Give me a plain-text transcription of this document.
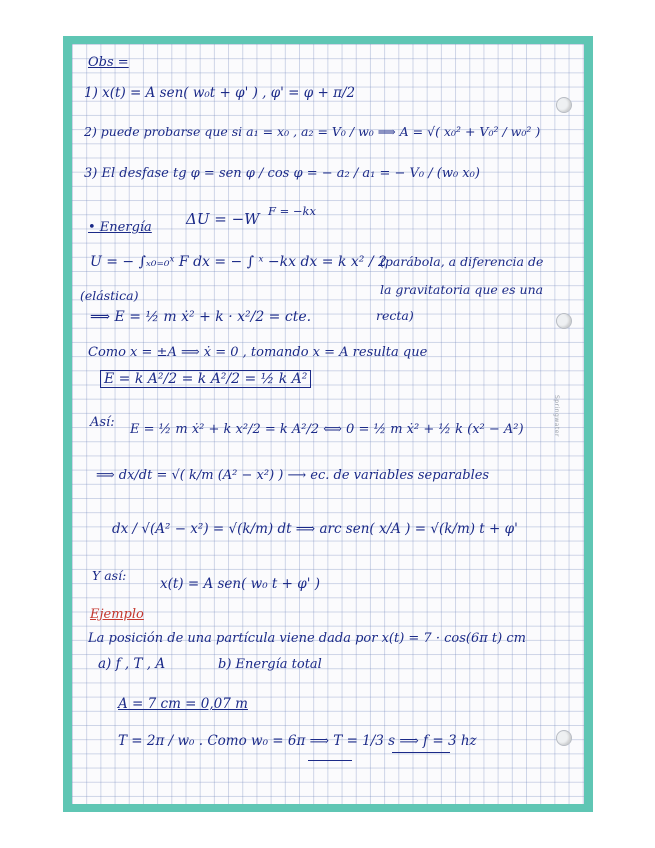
Springwater
Obs =
1) x(t) = A sen( w₀t + φ' ) , φ' = φ + π/2
2) puede probarse que si a₁ = x₀ , a₂ = V₀ / w₀ ⟹ A = √( x₀² + V₀² / w₀² )
3) El desfase tg φ = sen φ / cos φ = − a₂ / a₁ = − V₀ / (w₀ x₀)
• Energía ΔU = −W F = −kx
U = − ∫ₓ₀₌₀ˣ F dx = − ∫ ˣ −kx dx = k x² / 2
(parábola, a diferencia de
(elástica)	la gravitatoria que es una
⟹ E = ½ m ẋ² + k · x²/2 = cte.	recta)
Como x = ±A ⟹ ẋ = 0 , tomando x = A resulta que
E = k A²/2 = k A²/2 = ½ k A²
Así: E = ½ m ẋ² + k x²/2 = k A²/2 ⟺ 0 = ½ m ẋ² + ½ k (x² − A²)
⟹ dx/dt = √( k/m (A² − x²) ) ⟶ ec. de variables separables
dx / √(A² − x²) = √(k/m) dt ⟹ arc sen( x/A ) = √(k/m) t + φ'
Y así:
x(t) = A sen( w₀ t + φ' )
Ejemplo
La posición de una partícula viene dada por x(t) = 7 · cos(6π t) cm
a) f , T , A	b) Energía total
A = 7 cm = 0,07 m
T = 2π / w₀ . Como w₀ = 6π ⟹ T = 1/3 s ⟹ f = 3 hz
